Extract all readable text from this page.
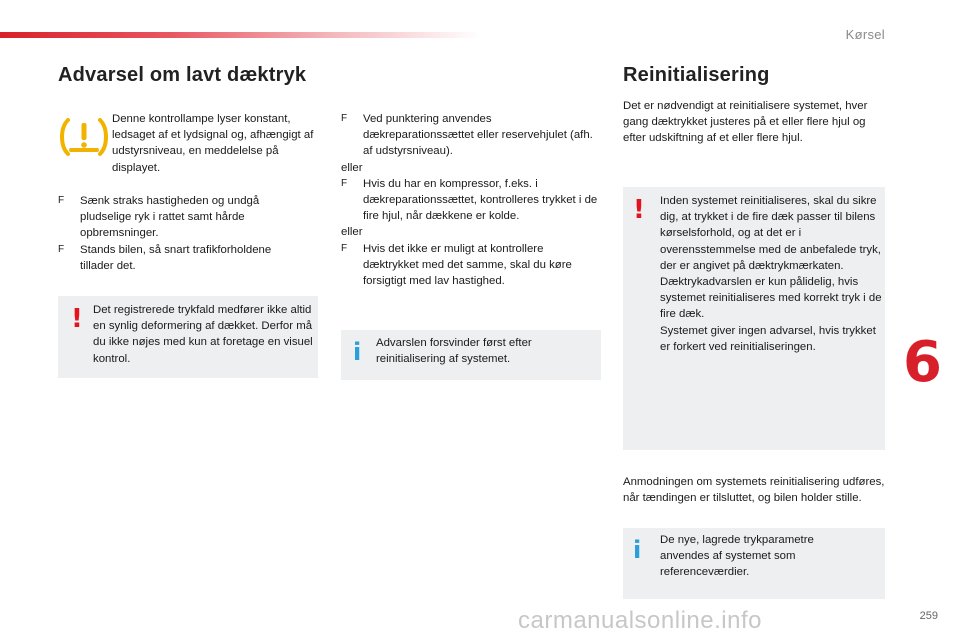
Kørsel
Advarsel om lavt dæktryk

Denne kontrollampe lyser konstant, ledsaget af et lydsignal og, afhængigt af udstyrsniveau, en meddelelse på displayet.

F Sænk straks hastigheden og undgå pludselige ryk i rattet samt hårde opbremsninger.
F Stands bilen, så snart trafikforholdene tillader det.
! Det registrerede trykfald medfører ikke altid en synlig deformering af dækket. Derfor må du ikke nøjes med kun at foretage en visuel kontrol.
F Ved punktering anvendes dækreparationssættet eller reservehjulet (afh. af udstyrsniveau).
eller
F Hvis du har en kompressor, f.eks. i dækreparationssættet, kontrolleres trykket i de fire hjul, når dækkene er kolde.
eller
F Hvis det ikke er muligt at kontrollere dæktrykket med det samme, skal du køre forsigtigt med lav hastighed.
i Advarslen forsvinder først efter reinitialisering af systemet.
Reinitialisering

Det er nødvendigt at reinitialisere systemet, hver gang dæktrykket justeres på et eller flere hjul og efter udskiftning af et eller flere hjul.

! Inden systemet reinitialiseres, skal du sikre dig, at trykket i de fire dæk passer til bilens kørselsforhold, og at det er i overensstemmelse med de anbefalede tryk, der er angivet på dæktrykmærkaten.
Dæktrykadvarslen er kun pålidelig, hvis systemet reinitialiseres med korrekt tryk i de fire dæk.
Systemet giver ingen advarsel, hvis trykket er forkert ved reinitialiseringen.

Anmodningen om systemets reinitialisering udføres, når tændingen er tilsluttet, og bilen holder stille.

i De nye, lagrede trykparametre anvendes af systemet som referenceværdier.
6
carmanualsonline.info	259
